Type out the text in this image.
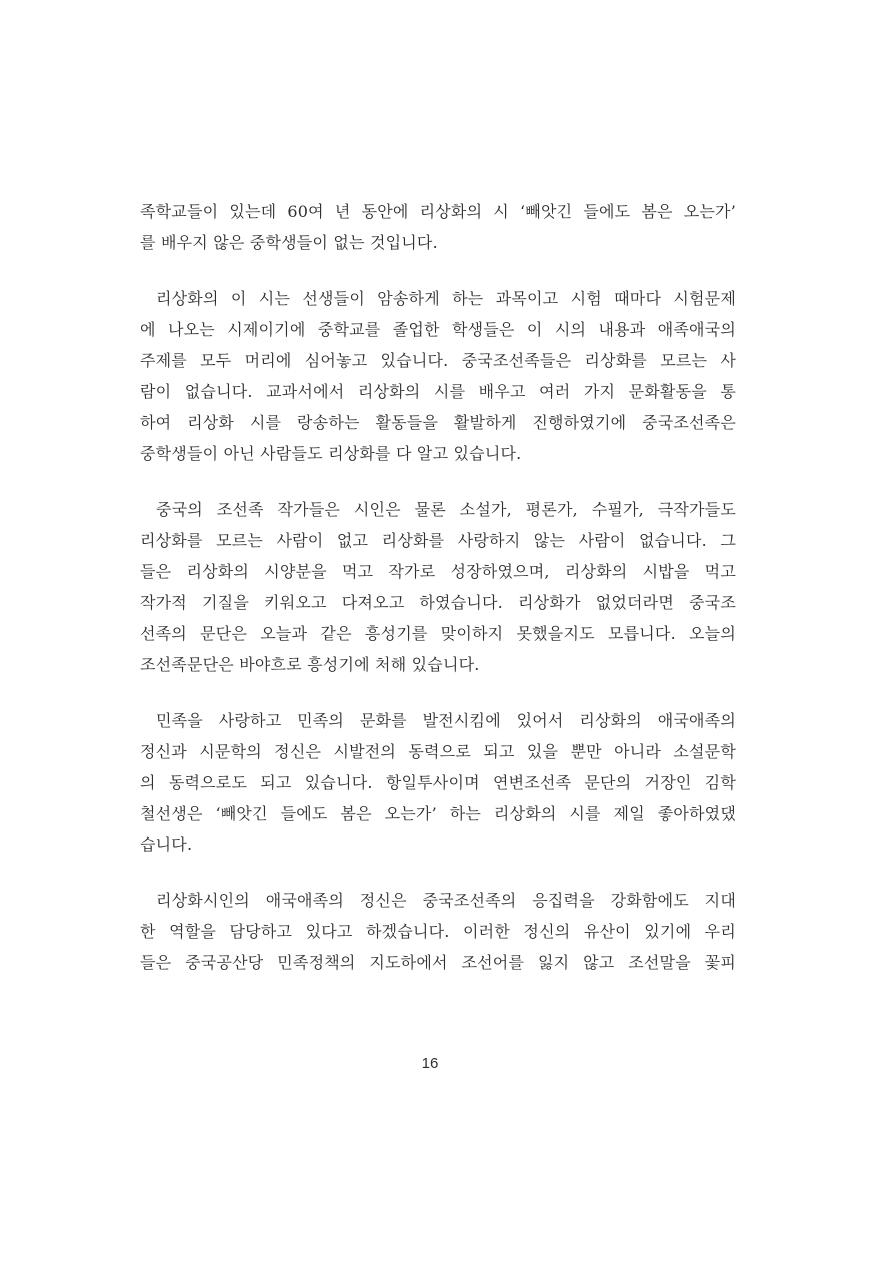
족학교들이 있는데 60여 년 동안에 리상화의 시 ‘빼앗긴 들에도 봄은 오는가’
를 배우지 않은 중학생들이 없는 것입니다.
리상화의 이 시는 선생들이 암송하게 하는 과목이고 시험 때마다 시험문제
에 나오는 시제이기에 중학교를 졸업한 학생들은 이 시의 내용과 애족애국의
주제를 모두 머리에 심어놓고 있습니다. 중국조선족들은 리상화를 모르는 사
람이 없습니다. 교과서에서 리상화의 시를 배우고 여러 가지 문화활동을 통
하여 리상화 시를 랑송하는 활동들을 활발하게 진행하였기에 중국조선족은
중학생들이 아닌 사람들도 리상화를 다 알고 있습니다.
중국의 조선족 작가들은 시인은 물론 소설가, 평론가, 수필가, 극작가들도
리상화를 모르는 사람이 없고 리상화를 사랑하지 않는 사람이 없습니다. 그
들은 리상화의 시양분을 먹고 작가로 성장하였으며, 리상화의 시밥을 먹고
작가적 기질을 키워오고 다져오고 하였습니다. 리상화가 없었더라면 중국조
선족의 문단은 오늘과 같은 흥성기를 맞이하지 못했을지도 모릅니다. 오늘의
조선족문단은 바야흐로 흥성기에 처해 있습니다.
민족을 사랑하고 민족의 문화를 발전시킴에 있어서 리상화의 애국애족의
정신과 시문학의 정신은 시발전의 동력으로 되고 있을 뿐만 아니라 소설문학
의 동력으로도 되고 있습니다. 항일투사이며 연변조선족 문단의 거장인 김학
철선생은 ‘빼앗긴 들에도 봄은 오는가’ 하는 리상화의 시를 제일 좋아하였댔
습니다.
리상화시인의 애국애족의 정신은 중국조선족의 응집력을 강화함에도 지대
한 역할을 담당하고 있다고 하겠습니다. 이러한 정신의 유산이 있기에 우리
들은 중국공산당 민족정책의 지도하에서 조선어를 잃지 않고 조선말을 꽃피
16
